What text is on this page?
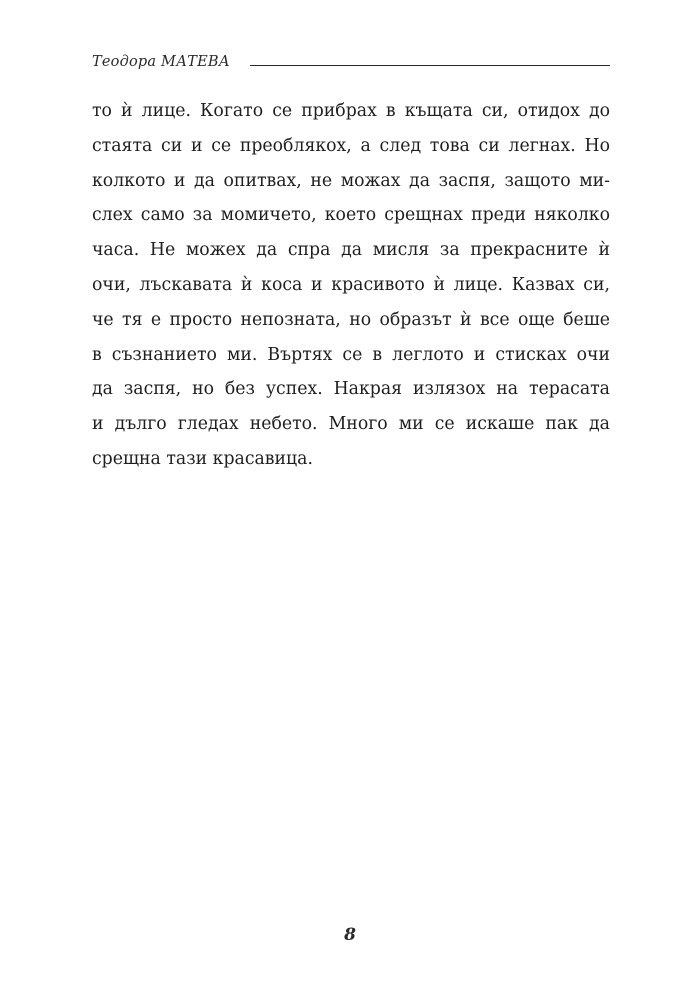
Теодора МАТЕВА
то ѝ лице. Когато се прибрах в къщата си, отидох до
стаята си и се преоблякох, а след това си легнах. Но
колкото и да опитвах, не можах да заспя, защото ми-
слех само за момичето, което срещнах преди няколко
часа. Не можех да спра да мисля за прекрасните ѝ
очи, лъскавата ѝ коса и красивото ѝ лице. Казвах си,
че тя е просто непозната, но образът ѝ все още беше
в съзнанието ми. Въртях се в леглото и стисках очи
да заспя, но без успех. Накрая излязох на терасата
и дълго гледах небето. Много ми се искаше пак да
срещна тази красавица.
8
